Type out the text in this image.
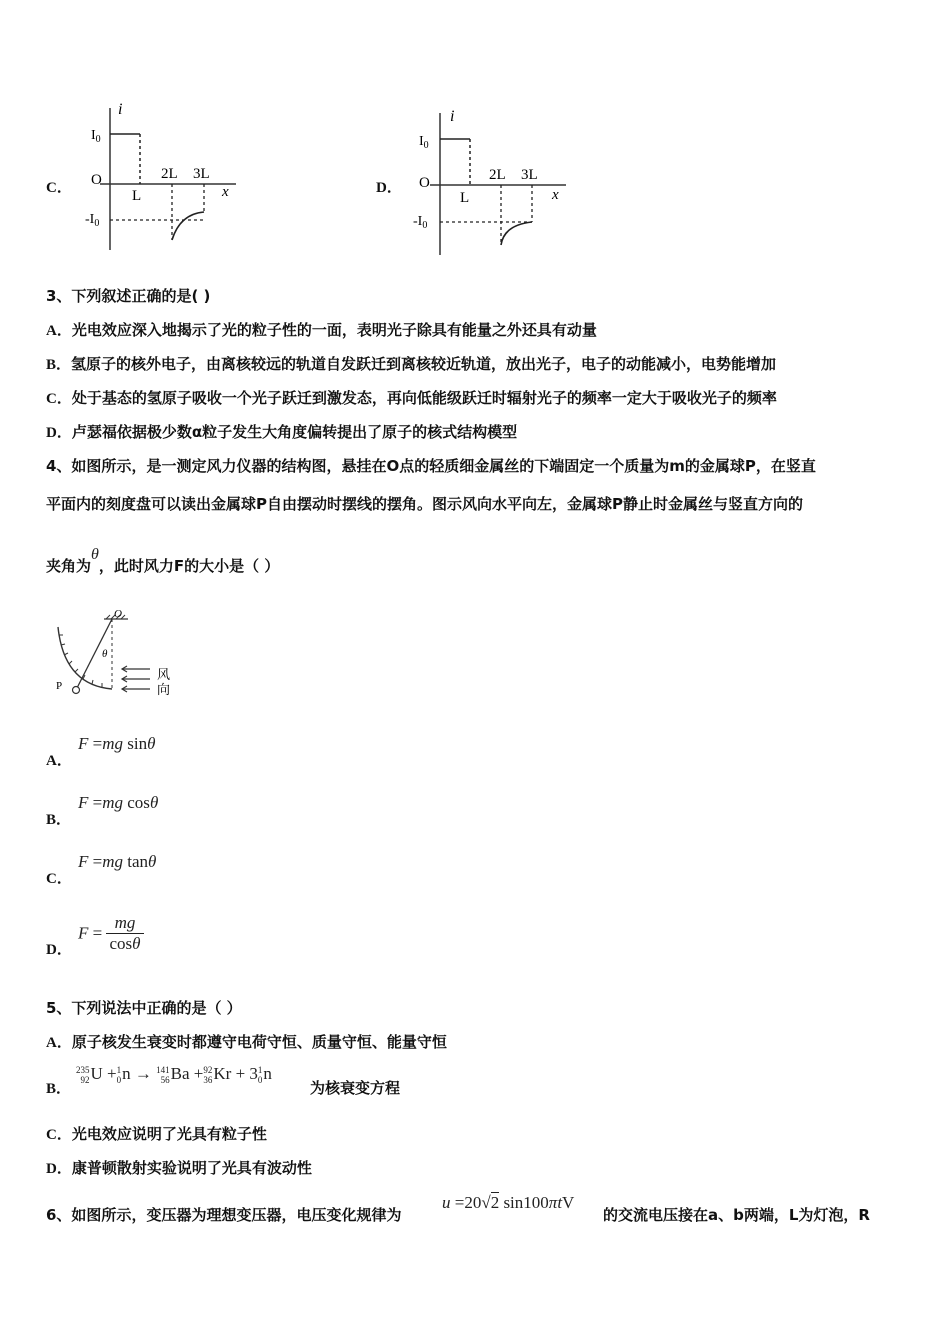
C．
i
x
$I_0$
$-I_0$
O
L
2L 3L
D．
i
x
$I_0$
$-I_0$
O
L
2L 3L
3、下列叙述正确的是( )
A．光电效应深入地揭示了光的粒子性的一面，表明光子除具有能量之外还具有动量
B．氢原子的核外电子，由离核较远的轨道自发跃迁到离核较近轨道，放出光子，电子的动能减小，电势能增加
C．处于基态的氢原子吸收一个光子跃迁到激发态，再向低能级跃迁时辐射光子的频率一定大于吸收光子的频率
D．卢瑟福依据极少数α粒子发生大角度偏转提出了原子的核式结构模型
4、如图所示，是一测定风力仪器的结构图，悬挂在O点的轻质细金属丝的下端固定一个质量为m的金属球P，在竖直
平面内的刻度盘可以读出金属球P自由摆动时摆线的摆角。图示风向水平向左，金属球P静止时金属丝与竖直方向的
夹角为θ，此时风力F的大小是（ ）
O
θ
P
风
向
A．
F =mg sinθ
B．
F =mg cosθ
C．
F =mg tanθ
D．
$F = \frac{mg}{\cos\theta}$
5、下列说法中正确的是（ ）
A．原子核发生衰变时都遵守电荷守恒、质量守恒、能量守恒
B．
235
92 U + 1
0 n → 141
56 Ba + 92
36 Kr + 3 1
0 n
为核衰变方程
C．光电效应说明了光具有粒子性
D．康普顿散射实验说明了光具有波动性
6、如图所示，变压器为理想变压器，电压变化规律为
u =20√2 sin100πtV
的交流电压接在a、b两端，L为灯泡，R
